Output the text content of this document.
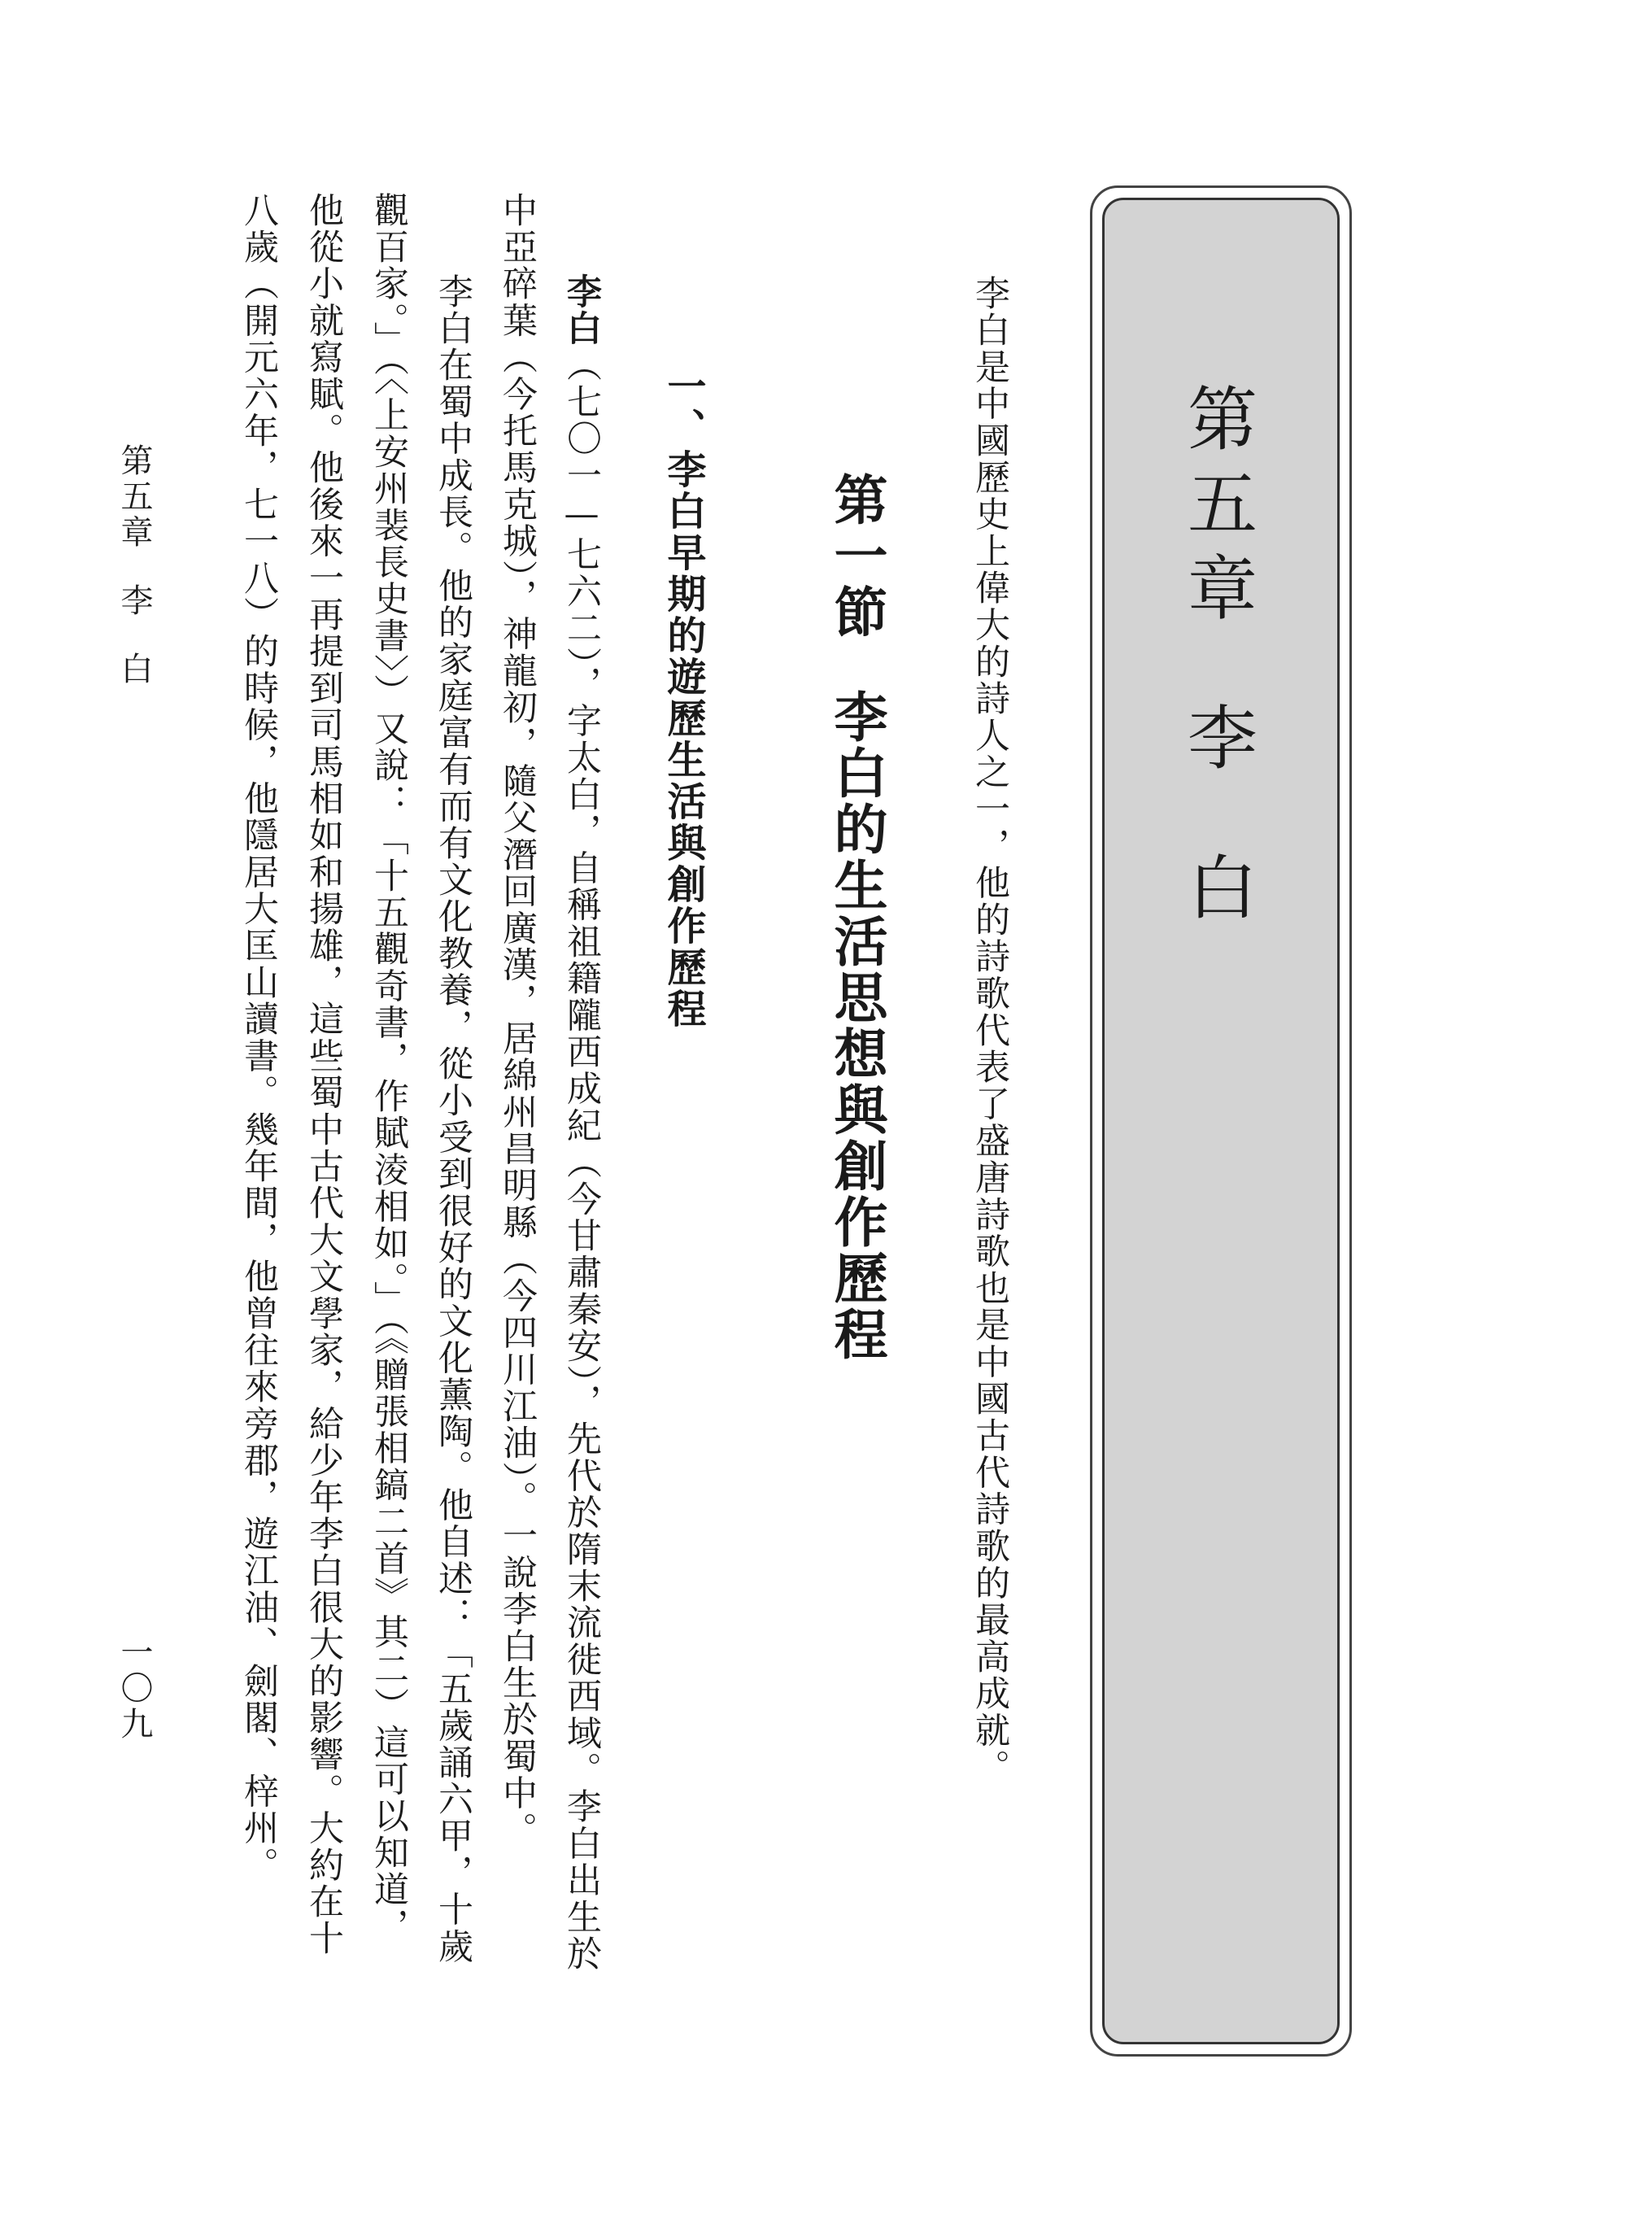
第五章李白
李白是中國歷史上偉大的詩人之一，他的詩歌代表了盛唐詩歌也是中國古代詩歌的最高成就。
第一節李白的生活思想與創作歷程
一、李白早期的遊歷生活與創作歷程
李白（七〇一—七六二），字太白，自稱祖籍隴西成紀（今甘肅秦安），先代於隋末流徙西域。李白出生於
中亞碎葉（今托馬克城），神龍初，隨父潛回廣漢，居綿州昌明縣（今四川江油）。一說李白生於蜀中。
李白在蜀中成長。他的家庭富有而有文化教養，從小受到很好的文化薰陶。他自述：「五歲誦六甲，十歲
觀百家。」（〈上安州裴長史書〉）又說：「十五觀奇書，作賦淩相如。」（《贈張相鎬二首》其二）這可以知道，
他從小就寫賦。他後來一再提到司馬相如和揚雄，這些蜀中古代大文學家，給少年李白很大的影響。大約在十
八歲（開元六年，七一八）的時候，他隱居大匡山讀書。幾年間，他曾往來旁郡，遊江油、劍閣、梓州。
第五章李白
一〇九
